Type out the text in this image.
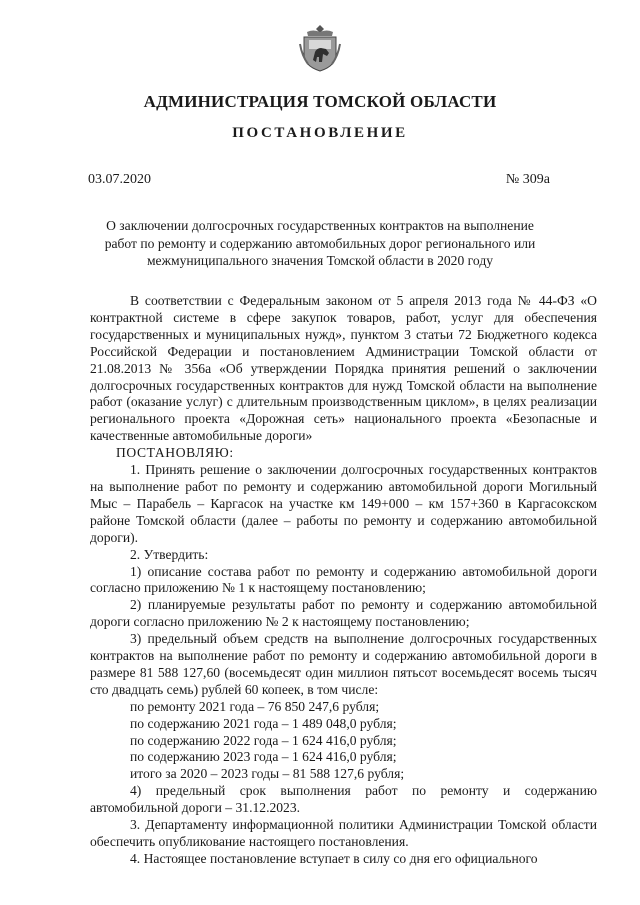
АДМИНИСТРАЦИЯ ТОМСКОЙ ОБЛАСТИ
ПОСТАНОВЛЕНИЕ
03.07.2020	№ 309а

О заключении долгосрочных государственных контрактов на выполнение работ по ремонту и содержанию автомобильных дорог регионального или межмуниципального значения Томской области в 2020 году

В соответствии с Федеральным законом от 5 апреля 2013 года № 44-ФЗ «О контрактной системе в сфере закупок товаров, работ, услуг для обеспечения государственных и муниципальных нужд», пунктом 3 статьи 72 Бюджетного кодекса Российской Федерации и постановлением Администрации Томской области от 21.08.2013 № 356а «Об утверждении Порядка принятия решений о заключении долгосрочных государственных контрактов для нужд Томской области на выполнение работ (оказание услуг) с длительным производственным циклом», в целях реализации регионального проекта «Дорожная сеть» национального проекта «Безопасные и качественные автомобильные дороги»

ПОСТАНОВЛЯЮ:

1. Принять решение о заключении долгосрочных государственных контрактов на выполнение работ по ремонту и содержанию автомобильной дороги Могильный Мыс – Парабель – Каргасок на участке км 149+000 – км 157+360 в Каргасокском районе Томской области (далее – работы по ремонту и содержанию автомобильной дороги).

2. Утвердить:

1) описание состава работ по ремонту и содержанию автомобильной дороги согласно приложению № 1 к настоящему постановлению;

2) планируемые результаты работ по ремонту и содержанию автомобильной дороги согласно приложению № 2 к настоящему постановлению;

3) предельный объем средств на выполнение долгосрочных государственных контрактов на выполнение работ по ремонту и содержанию автомобильной дороги в размере 81 588 127,60 (восемьдесят один миллион пятьсот восемьдесят восемь тысяч сто двадцать семь) рублей 60 копеек, в том числе:

по ремонту 2021 года – 76 850 247,6 рубля;

по содержанию 2021 года – 1 489 048,0 рубля;

по содержанию 2022 года – 1 624 416,0 рубля;

по содержанию 2023 года – 1 624 416,0 рубля;

итого за 2020 – 2023 годы – 81 588 127,6 рубля;

4) предельный срок выполнения работ по ремонту и содержанию автомобильной дороги – 31.12.2023.

3. Департаменту информационной политики Администрации Томской области обеспечить опубликование настоящего постановления.

4. Настоящее постановление вступает в силу со дня его официального
